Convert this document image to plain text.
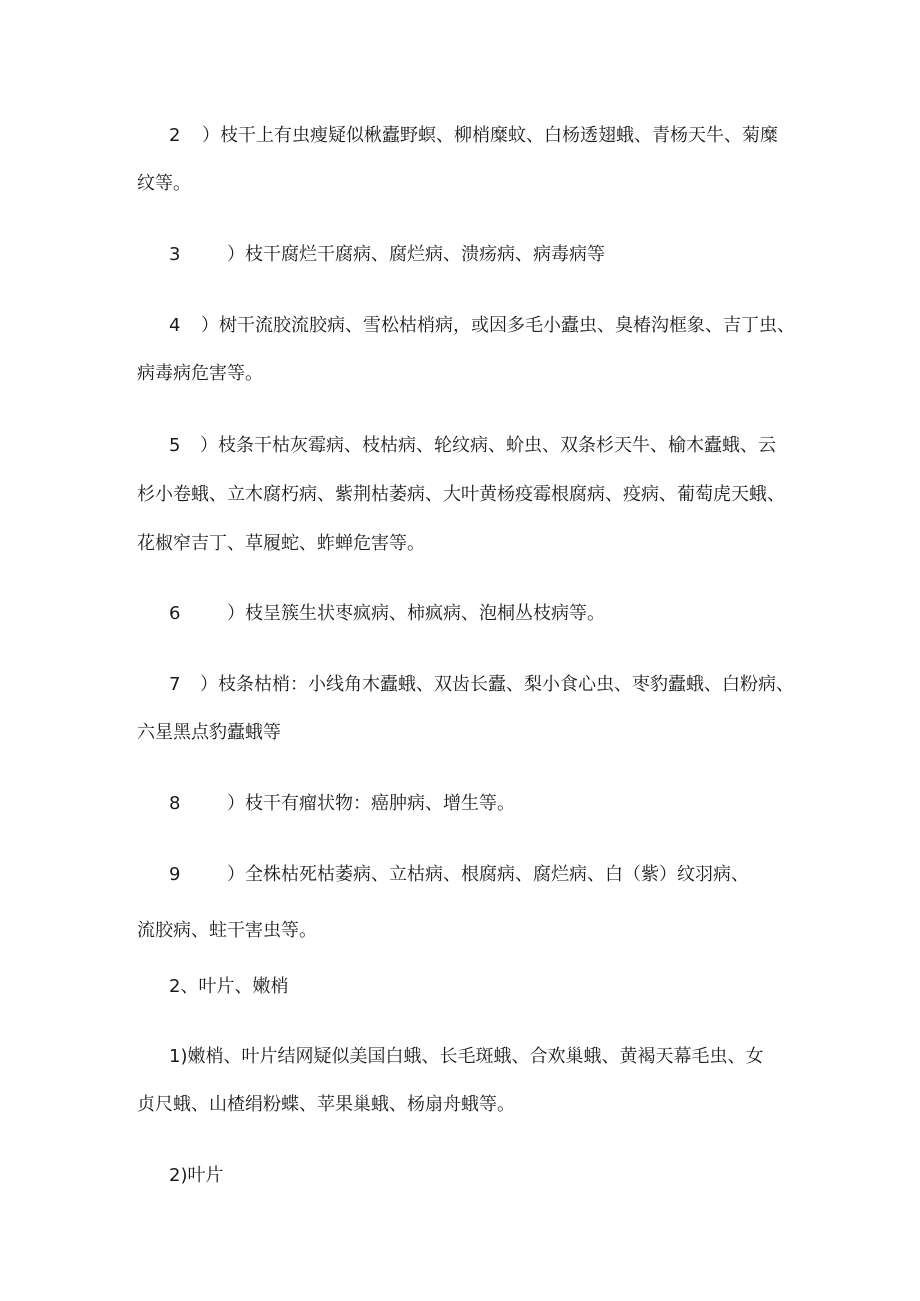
2 ）枝干上有虫瘦疑似楸蠹野螟、柳梢糜蚊、白杨透翅蛾、青杨天牛、菊糜
纹等。
3	）枝干腐烂干腐病、腐烂病、溃疡病、病毒病等
4 ）树干流胶流胶病、雪松枯梢病，或因多毛小蠹虫、臭椿沟框象、吉丁虫、
病毒病危害等。
5 ）枝条干枯灰霉病、枝枯病、轮纹病、蚧虫、双条杉天牛、榆木蠹蛾、云
杉小卷蛾、立木腐朽病、紫荆枯萎病、大叶黄杨疫霉根腐病、疫病、葡萄虎天蛾、
花椒窄吉丁、草履蛇、蚱蝉危害等。
6	）枝呈簇生状枣疯病、柿疯病、泡桐丛枝病等。
7 ）枝条枯梢：小线角木蠹蛾、双齿长蠹、梨小食心虫、枣豹蠹蛾、白粉病、
六星黑点豹蠹蛾等
8	）枝干有瘤状物：癌肿病、增生等。
9	）全株枯死枯萎病、立枯病、根腐病、腐烂病、白（紫）纹羽病、
流胶病、蛀干害虫等。
2、叶片、嫩梢
1)嫩梢、叶片结网疑似美国白蛾、长毛斑蛾、合欢巢蛾、黄褐天幕毛虫、女
贞尺蛾、山楂绢粉蝶、苹果巢蛾、杨扇舟蛾等。
2)叶片
